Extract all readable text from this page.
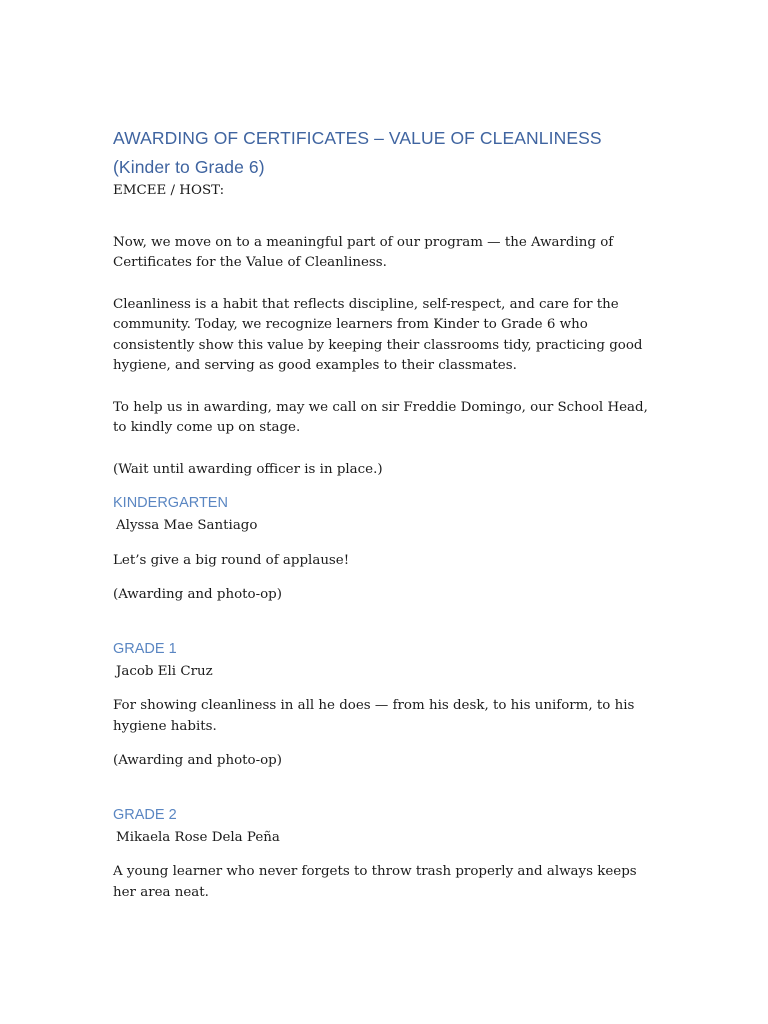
AWARDING OF CERTIFICATES – VALUE OF CLEANLINESS
(Kinder to Grade 6)

EMCEE / HOST:

Now, we move on to a meaningful part of our program — the Awarding of Certificates for the Value of Cleanliness.

Cleanliness is a habit that reflects discipline, self-respect, and care for the community. Today, we recognize learners from Kinder to Grade 6 who consistently show this value by keeping their classrooms tidy, practicing good hygiene, and serving as good examples to their classmates.

To help us in awarding, may we call on sir Freddie Domingo, our School Head, to kindly come up on stage.

(Wait until awarding officer is in place.)

KINDERGARTEN

Alyssa Mae Santiago

Let’s give a big round of applause!

(Awarding and photo-op)

GRADE 1

Jacob Eli Cruz

For showing cleanliness in all he does — from his desk, to his uniform, to his hygiene habits.

(Awarding and photo-op)

GRADE 2

Mikaela Rose Dela Peña

A young learner who never forgets to throw trash properly and always keeps her area neat.
